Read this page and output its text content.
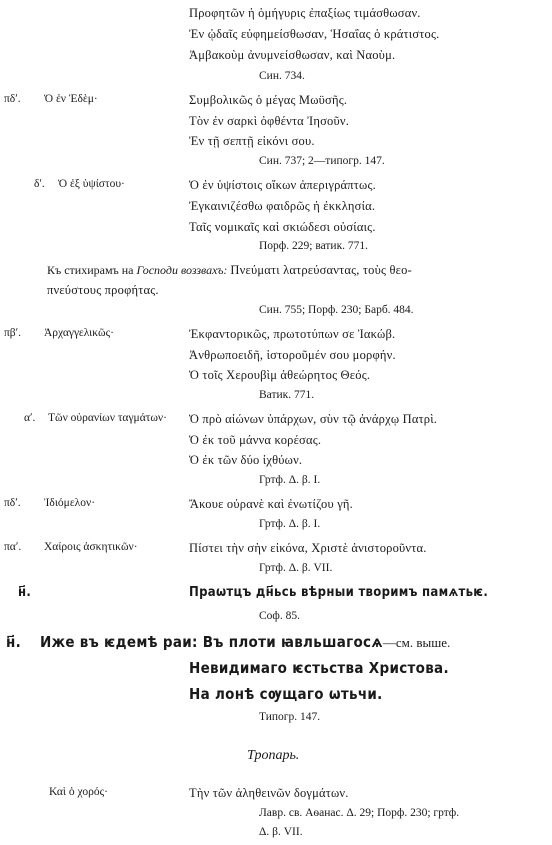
Προφητῶν ἡ ὁμήγυρις ἐπαξίως τιμάσθωσαν.
Ἐν ᾠδαῖς εὐφημείσθωσαν, Ἡσαΐας ὁ κράτιστος.
Ἀμβακοὺμ ἀνυμνείσθωσαν, καὶ Ναοὺμ.
Син. 734.
πδʹ. Ὁ ἐν Ἐδὲμ·	Συμβολικῶς ὁ μέγας Μωϋσῆς.
Τὸν ἐν σαρκὶ ὀφθέντα Ἰησοῦν.
Ἐν τῇ σεπτῇ εἰκόνι σου.
Син. 737; 2—типогр. 147.
δʹ. Ὁ ἐξ ὑψίστου·	Ὁ ἐν ὑψίστοις οἴκων ἀπεριγράπτως.
Ἐγκαινιζέσθω φαιδρῶς ἡ ἐκκλησία.
Ταῖς νομικαῖς καὶ σκιώδεσι οὐσίαις.
Порф. 229; ватик. 771.
Къ стихирамъ на Господи воззвахъ: Πνεύματι λατρεύσαντας, τοὺς θεο-
πνεύστους προφήτας.
Син. 755; Порф. 230; Барб. 484.
πβʹ. Ἀρχαγγελικῶς·	Ἐκφαντορικῶς, πρωτοτύπων σε Ἰακώβ.
Ἀνθρωποειδῆ, ἱστοροῦμέν σου μορφήν.
Ὁ τοῖς Χερουβὶμ ἀθεώρητος Θεός.
Ватик. 771.
αʹ. Τῶν οὐρανίων ταγμάτων· Ὁ πρὸ αἰώνων ὑπάρχων, σὺν τῷ ἀνάρχῳ Πατρὶ.
Ὁ ἐκ τοῦ μάννα κορέσας.
Ὁ ἐκ τῶν δύο ἰχθύων.
Гртф. Δ. β. I.
πδʹ. Ἰδιόμελον·	Ἄκουε οὐρανὲ καὶ ἐνωτίζου γῆ.
Гртф. Δ. β. I.
παʹ. Χαίροις ἀσκητικῶν·	Πίστει τὴν σὴν εἰκόνα, Χριστὲ ἀνιστοροῦντα.
Гртф. Δ. β. VII.
н҃.	Праѡтцъ дн҃ьсь вѣрныи творимъ памѧтьѥ.
Соф. 85.
н҃. Иже въ ѥдемѣ раи: Въ плоти ꙗвльшагосѧ—см. выше.
Невидимаго ѥстьства Христова.
На лонѣ сѹщаго ѡтьчи.
Типогр. 147.
Тропарь.
Καὶ ὁ χορός·	Τὴν τῶν ἀληθεινῶν δογμάτων.
Лавр. св. Аѳанас. Δ. 29; Порф. 230; гртф.
Δ. β. VII.
